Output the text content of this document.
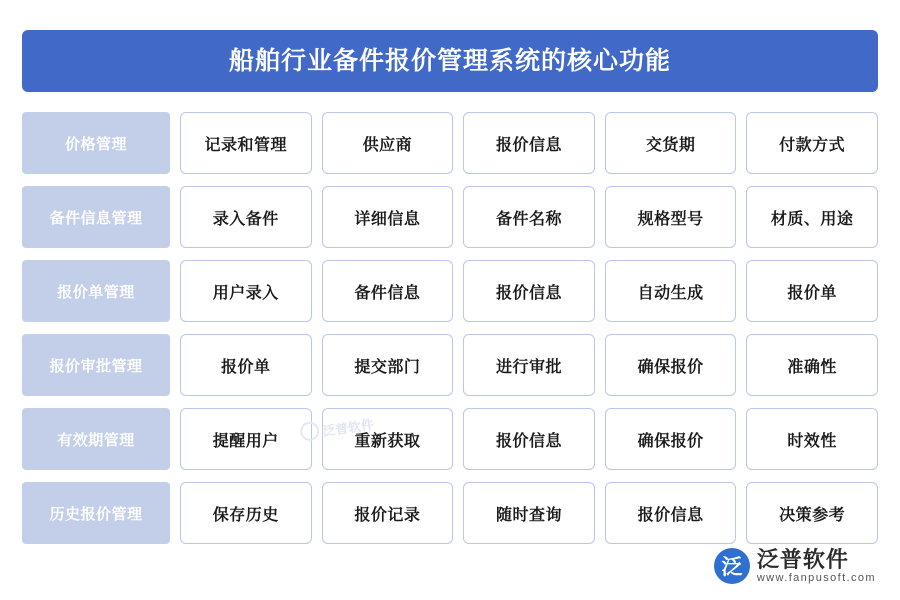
船舶行业备件报价管理系统的核心功能
价格管理	记录和管理	供应商	报价信息	交货期	付款方式
备件信息管理	录入备件	详细信息	备件名称	规格型号	材质、用途
报价单管理	用户录入	备件信息	报价信息	自动生成	报价单
报价审批管理	报价单	提交部门	进行审批	确保报价	准确性
有效期管理	提醒用户	重新获取	报价信息	确保报价	时效性
历史报价管理	保存历史	报价记录	随时查询	报价信息	决策参考
泛普软件
泛 泛普软件
www.fanpusoft.com
